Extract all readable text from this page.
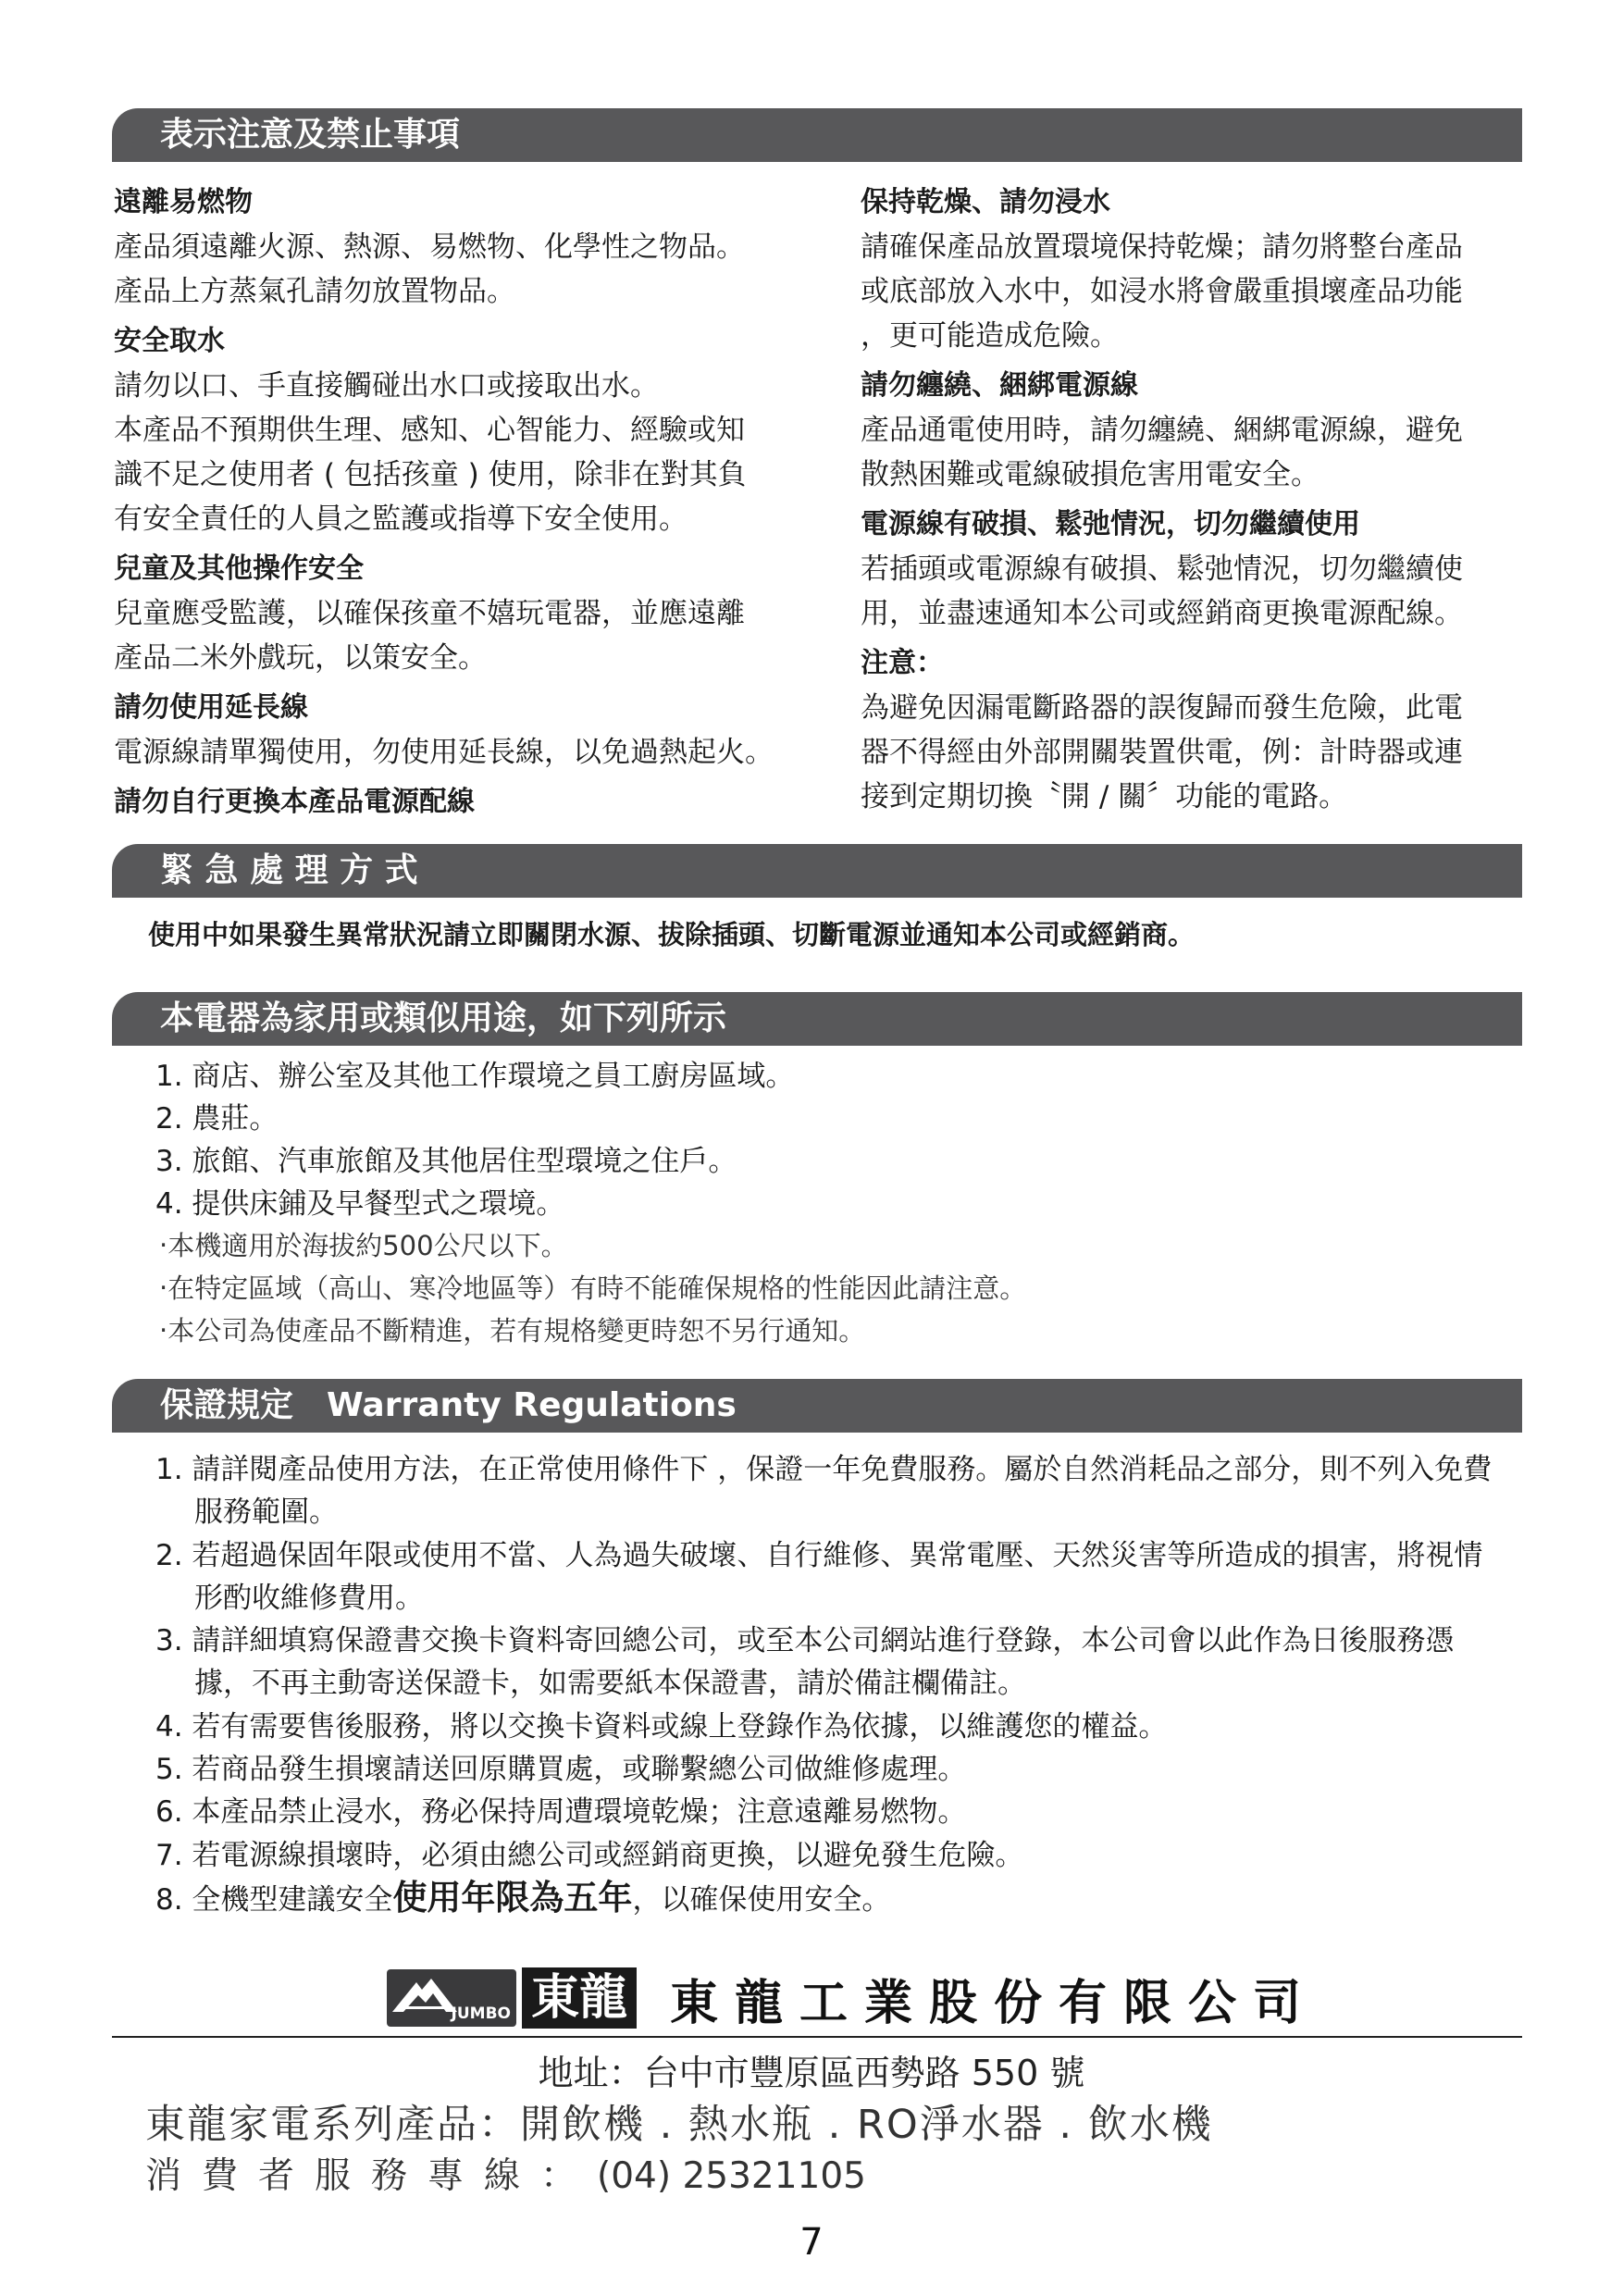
表示注意及禁止事項
遠離易燃物
產品須遠離火源、熱源、易燃物、化學性之物品。
產品上方蒸氣孔請勿放置物品。
安全取水
請勿以口、手直接觸碰出水口或接取出水。
本產品不預期供生理、感知、心智能力、經驗或知
識不足之使用者 ( 包括孩童 ) 使用，除非在對其負
有安全責任的人員之監護或指導下安全使用。
兒童及其他操作安全
兒童應受監護，以確保孩童不嬉玩電器，並應遠離
產品二米外戲玩，以策安全。
請勿使用延長線
電源線請單獨使用，勿使用延長線，以免過熱起火。
請勿自行更換本產品電源配線
保持乾燥、請勿浸水
請確保產品放置環境保持乾燥；請勿將整台產品
或底部放入水中，如浸水將會嚴重損壞產品功能
，更可能造成危險。
請勿纏繞、綑綁電源線
產品通電使用時，請勿纏繞、綑綁電源線，避免
散熱困難或電線破損危害用電安全。
電源線有破損、鬆弛情況，切勿繼續使用
若插頭或電源線有破損、鬆弛情況，切勿繼續使
用，並盡速通知本公司或經銷商更換電源配線。
注意：
為避免因漏電斷路器的誤復歸而發生危險，此電
器不得經由外部開關裝置供電，例：計時器或連
接到定期切換〝開 / 關〞功能的電路。
緊 急 處 理 方 式
使用中如果發生異常狀況請立即關閉水源、拔除插頭、切斷電源並通知本公司或經銷商。
本電器為家用或類似用途，如下列所示
1. 商店、辦公室及其他工作環境之員工廚房區域。
2. 農莊。
3. 旅館、汽車旅館及其他居住型環境之住戶。
4. 提供床鋪及早餐型式之環境。
‧本機適用於海拔約500公尺以下。
‧在特定區域（高山、寒冷地區等）有時不能確保規格的性能因此請注意。
‧本公司為使產品不斷精進，若有規格變更時恕不另行通知。
保證規定　Warranty Regulations
1. 請詳閱產品使用方法，在正常使用條件下 ，保證一年免費服務。屬於自然消耗品之部分，則不列入免費服務範圍。
2. 若超過保固年限或使用不當、人為過失破壞、自行維修、異常電壓、天然災害等所造成的損害，將視情形酌收維修費用。
3. 請詳細填寫保證書交換卡資料寄回總公司，或至本公司網站進行登錄，本公司會以此作為日後服務憑據，不再主動寄送保證卡，如需要紙本保證書，請於備註欄備註。
4. 若有需要售後服務，將以交換卡資料或線上登錄作為依據，以維護您的權益。
5. 若商品發生損壞請送回原購買處，或聯繫總公司做維修處理。
6. 本產品禁止浸水，務必保持周遭環境乾燥；注意遠離易燃物。
7. 若電源線損壞時，必須由總公司或經銷商更換，以避免發生危險。
8. 全機型建議安全使用年限為五年，以確保使用安全。
JUMBO 東龍 東龍工業股份有限公司
地址：台中市豐原區西勢路 550 號
東龍家電系列產品：開飲機 . 熱水瓶 . RO淨水器 . 飲水機
消費者服務專線：(04) 25321105
7
